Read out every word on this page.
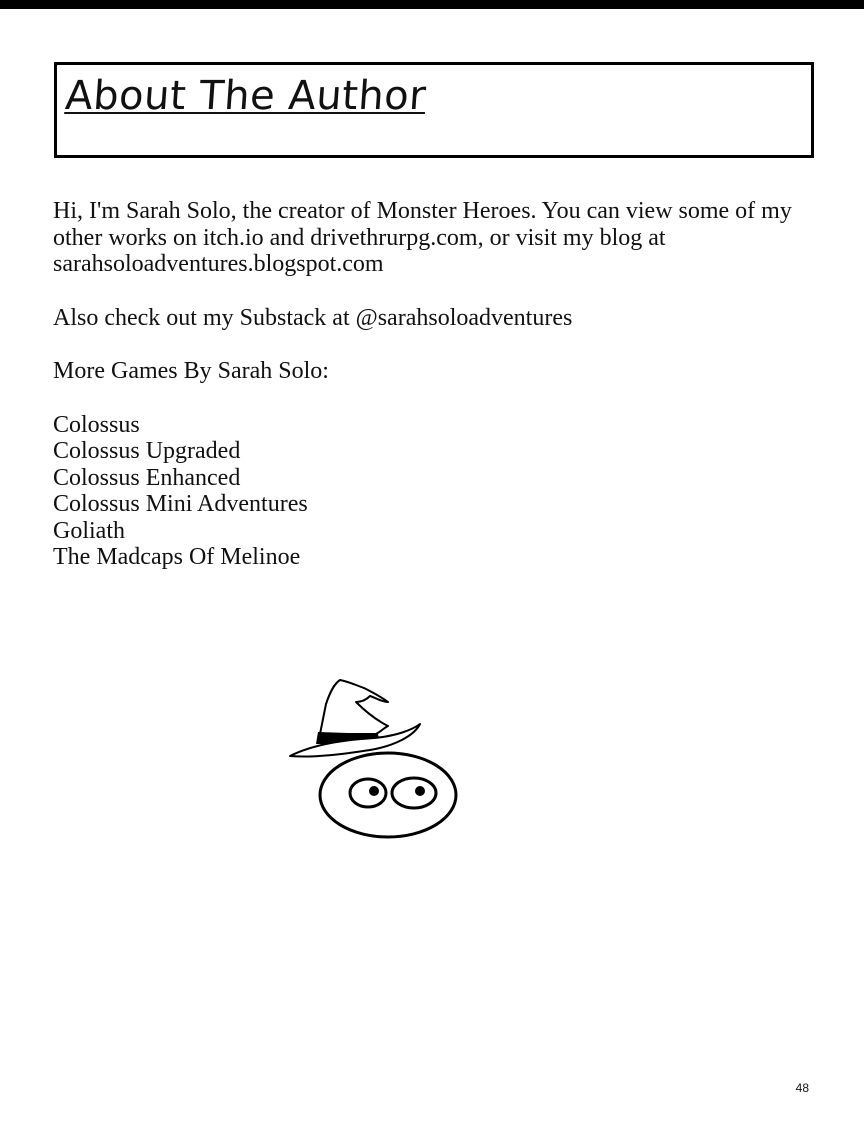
About The Author

Hi, I'm Sarah Solo, the creator of Monster Heroes. You can view some of my other works on itch.io and drivethrurpg.com, or visit my blog at sarahsoloadventures.blogspot.com

Also check out my Substack at @sarahsoloadventures

More Games By Sarah Solo:

Colossus
Colossus Upgraded
Colossus Enhanced
Colossus Mini Adventures
Goliath
The Madcaps Of Melinoe
48
